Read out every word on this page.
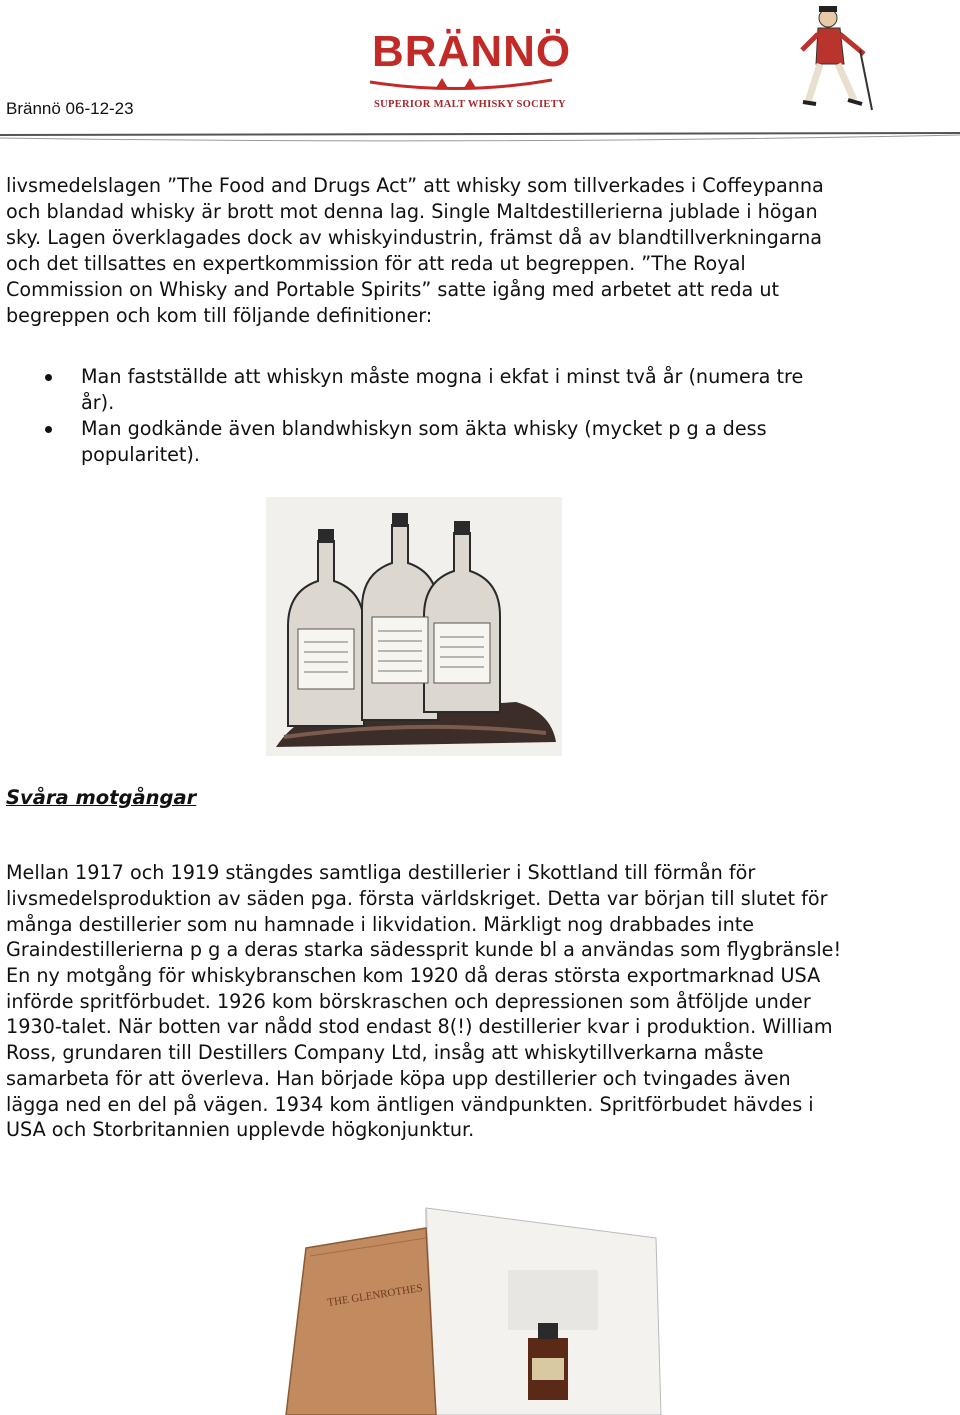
Brännö 06-12-23
BRÄNNÖ
SUPERIOR MALT WHISKY SOCIETY

livsmedelslagen ”The Food and Drugs Act” att whisky som tillverkades i Coffeypanna och blandad whisky är brott mot denna lag. Single Maltdestillerierna jublade i högan sky. Lagen överklagades dock av whiskyindustrin, främst då av blandtillverkningarna och det tillsattes en expertkommission för att reda ut begreppen. ”The Royal Commission on Whisky and Portable Spirits” satte igång med arbetet att reda ut begreppen och kom till följande definitioner:

Man fastställde att whiskyn måste mogna i ekfat i minst två år (numera tre år).
Man godkände även blandwhiskyn som äkta whisky (mycket p g a dess popularitet).
Svåra motgångar

Mellan 1917 och 1919 stängdes samtliga destillerier i Skottland till förmån för livsmedelsproduktion av säden pga. första världskriget. Detta var början till slutet för många destillerier som nu hamnade i likvidation. Märkligt nog drabbades inte Graindestillerierna p g a deras starka sädessprit kunde bl a användas som flygbränsle! En ny motgång för whiskybranschen kom 1920 då deras största exportmarknad USA införde spritförbudet. 1926 kom börskraschen och depressionen som åtföljde under 1930-talet. När botten var nådd stod endast 8(!) destillerier kvar i produktion. William Ross, grundaren till Destillers Company Ltd, insåg att whiskytillverkarna måste samarbeta för att överleva. Han började köpa upp destillerier och tvingades även lägga ned en del på vägen. 1934 kom äntligen vändpunkten. Spritförbudet hävdes i USA och Storbritannien upplevde högkonjunktur.

THE GLENROTHES
